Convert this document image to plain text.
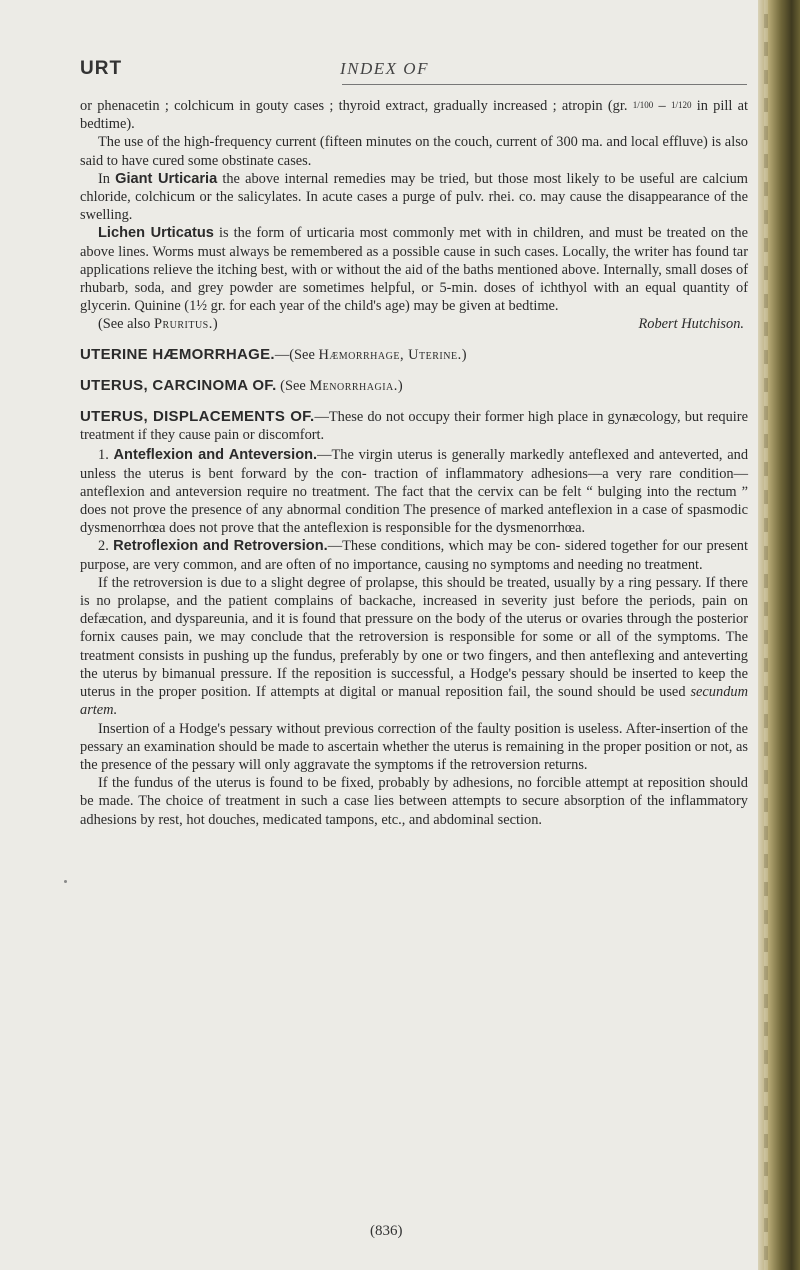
URT	INDEX OF

or phenacetin ; colchicum in gouty cases ; thyroid extract, gradually increased ; atropin (gr. 1/100 – 1/120 in pill at bedtime).

The use of the high-frequency current (fifteen minutes on the couch, current of 300 ma. and local effluve) is also said to have cured some obstinate cases.

In Giant Urticaria the above internal remedies may be tried, but those most likely to be useful are calcium chloride, colchicum or the salicylates. In acute cases a purge of pulv. rhei. co. may cause the disappearance of the swelling.

Lichen Urticatus is the form of urticaria most commonly met with in children, and must be treated on the above lines. Worms must always be remembered as a possible cause in such cases. Locally, the writer has found tar applications relieve the itching best, with or without the aid of the baths mentioned above. Internally, small doses of rhubarb, soda, and grey powder are sometimes helpful, or 5-min. doses of ichthyol with an equal quantity of glycerin. Quinine (1½ gr. for each year of the child's age) may be given at bedtime.

(See also Pruritus.)	Robert Hutchison.

UTERINE HÆMORRHAGE.—(See Hæmorrhage, Uterine.)

UTERUS, CARCINOMA OF. (See Menorrhagia.)

UTERUS, DISPLACEMENTS OF.—These do not occupy their former high place in gynæcology, but require treatment if they cause pain or discomfort.

1. Anteflexion and Anteversion.—The virgin uterus is generally markedly anteflexed and anteverted, and unless the uterus is bent forward by the con- traction of inflammatory adhesions—a very rare condition—anteflexion and anteversion require no treatment. The fact that the cervix can be felt “ bulging into the rectum ” does not prove the presence of any abnormal condition The presence of marked anteflexion in a case of spasmodic dysmenorrhœa does not prove that the anteflexion is responsible for the dysmenorrhœa.

2. Retroflexion and Retroversion.—These conditions, which may be con- sidered together for our present purpose, are very common, and are often of no importance, causing no symptoms and needing no treatment.

If the retroversion is due to a slight degree of prolapse, this should be treated, usually by a ring pessary. If there is no prolapse, and the patient complains of backache, increased in severity just before the periods, pain on defæcation, and dyspareunia, and it is found that pressure on the body of the uterus or ovaries through the posterior fornix causes pain, we may conclude that the retroversion is responsible for some or all of the symptoms. The treatment consists in pushing up the fundus, preferably by one or two fingers, and then anteflexing and anteverting the uterus by bimanual pressure. If the reposition is successful, a Hodge's pessary should be inserted to keep the uterus in the proper position. If attempts at digital or manual reposition fail, the sound should be used secundum artem.

Insertion of a Hodge's pessary without previous correction of the faulty position is useless. After-insertion of the pessary an examination should be made to ascertain whether the uterus is remaining in the proper position or not, as the presence of the pessary will only aggravate the symptoms if the retroversion returns.

If the fundus of the uterus is found to be fixed, probably by adhesions, no forcible attempt at reposition should be made. The choice of treatment in such a case lies between attempts to secure absorption of the inflammatory adhesions by rest, hot douches, medicated tampons, etc., and abdominal section.

(836)
